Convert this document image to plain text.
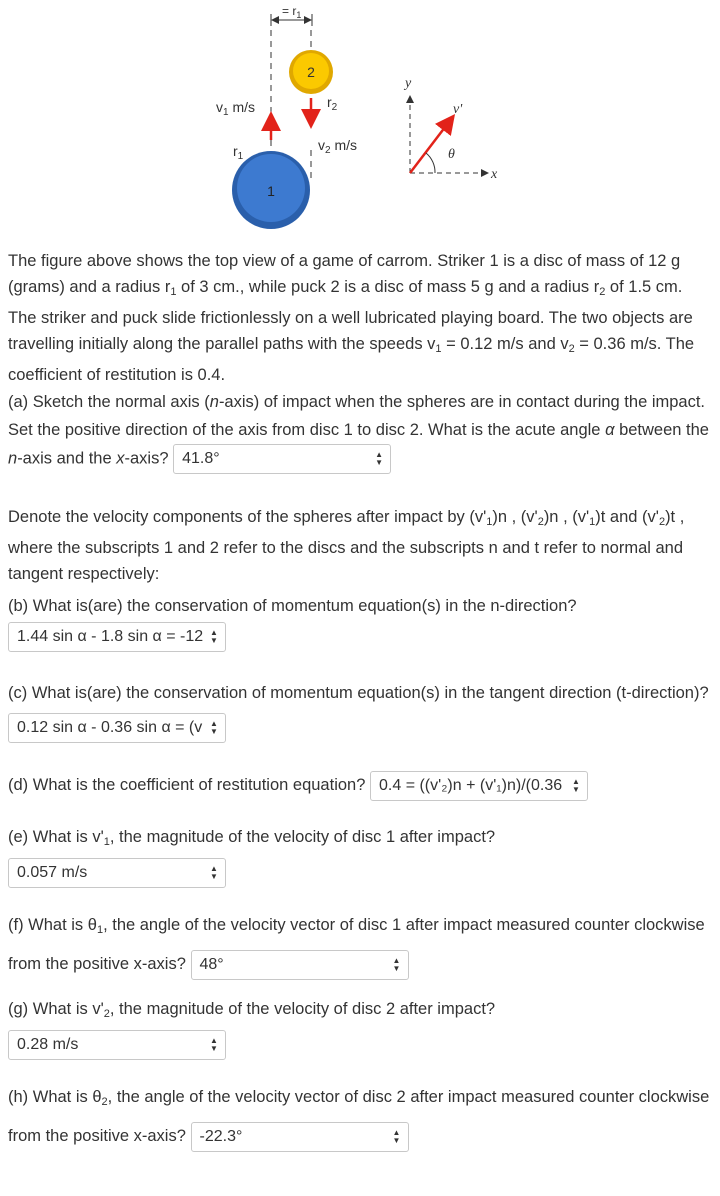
= $r_1$
2
1
$v_1$ m/s
$r_1$
$r_2$
$v_2$ m/s
y
x
v'
θ

The figure above shows the top view of a game of carrom. Striker 1 is a disc of mass of 12 g (grams) and a radius $r_1$ of 3 cm., while puck 2 is a disc of mass 5 g and a radius $r_2$ of 1.5 cm. The striker and puck slide frictionlessly on a well lubricated playing board. The two objects are travelling initially along the parallel paths with the speeds $v_1 = 0.12$ m/s and $v_2 = 0.36$ m/s. The coefficient of restitution is 0.4.

(a) Sketch the normal axis (n-axis) of impact when the spheres are in contact during the impact. Set the positive direction of the axis from disc 1 to disc 2. What is the acute angle α between the n-axis and the x-axis? 41.8°	▲
▼

Denote the velocity components of the spheres after impact by $(v'_1)n$ , $(v'_2)n$ , $(v'_1)t$ and $(v'_2)t$ , where the subscripts 1 and 2 refer to the discs and the subscripts n and t refer to normal and tangent respectively:

(b) What is(are) the conservation of momentum equation(s) in the n-direction?

1.44 sin α - 1.8 sin α = -12 ▲
▼
(c) What is(are) the conservation of momentum equation(s) in the tangent direction (t-direction)? 0.12 sin α - 0.36 sin α = (v ▲
▼
(d) What is the coefficient of restitution equation? 0.4 = ((v'₂)n + (v'₁)n)/(0.36 ▲
▼

(e) What is $v'_1$, the magnitude of the velocity of disc 1 after impact?

0.057 m/s	▲
▼
(f) What is $\theta_1$, the angle of the velocity vector of disc 1 after impact measured counter clockwise from the positive x-axis? 48°	▲
▼

(g) What is $v'_2$, the magnitude of the velocity of disc 2 after impact?

0.28 m/s	▲
▼
(h) What is $\theta_2$, the angle of the velocity vector of disc 2 after impact measured counter clockwise from the positive x-axis? -22.3°	▲
▼
